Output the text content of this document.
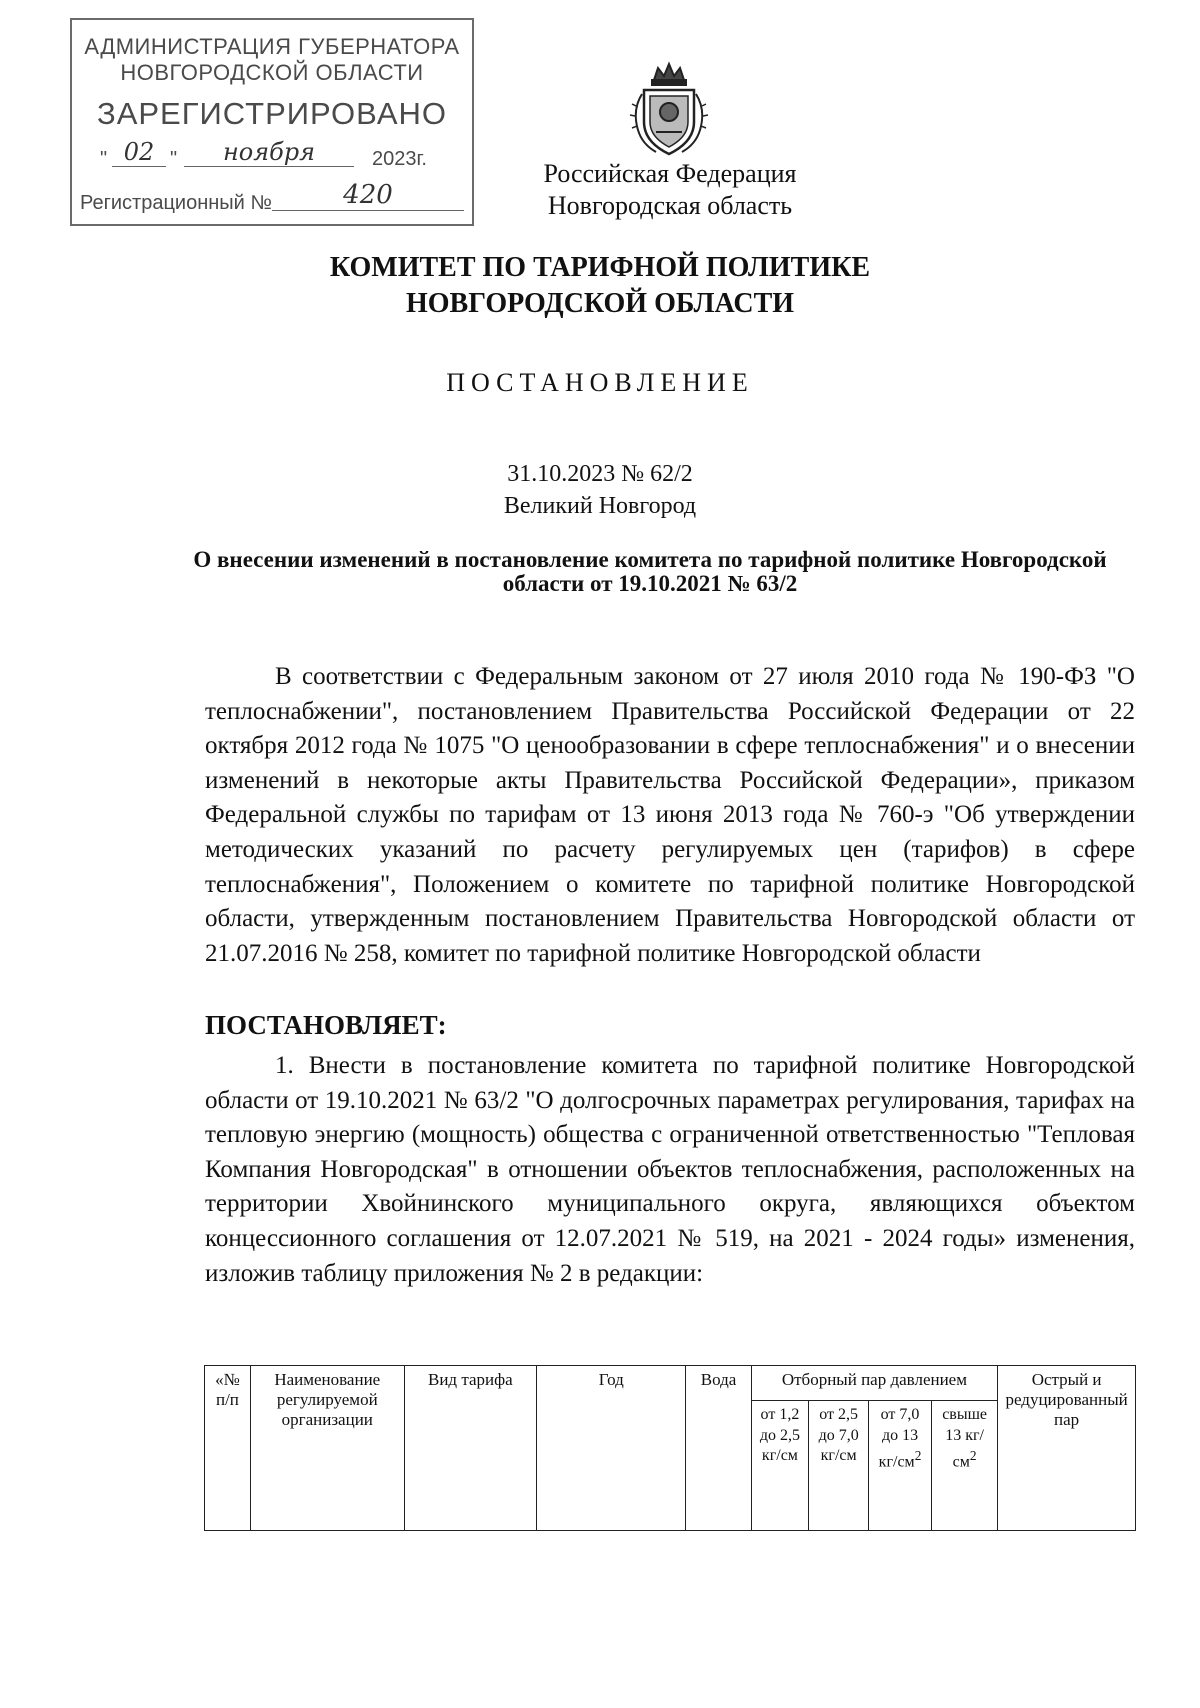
АДМИНИСТРАЦИЯ ГУБЕРНАТОРА
НОВГОРОДСКОЙ ОБЛАСТИ
ЗАРЕГИСТРИРОВАНО
" 02 "	ноября	2023г.
Регистрационный №	420
Российская Федерация
Новгородская область
КОМИТЕТ ПО ТАРИФНОЙ ПОЛИТИКЕ НОВГОРОДСКОЙ ОБЛАСТИ
ПОСТАНОВЛЕНИЕ
31.10.2023 № 62/2
Великий Новгород
О внесении изменений в постановление комитета по тарифной политике Новгородской области от 19.10.2021 № 63/2
В соответствии с Федеральным законом от 27 июля 2010 года № 190-ФЗ "О теплоснабжении", постановлением Правительства Российской Федерации от 22 октября 2012 года № 1075 "О ценообразовании в сфере теплоснабжения" и о внесении изменений в некоторые акты Правительства Российской Федерации», приказом Федеральной службы по тарифам от 13 июня 2013 года № 760-э "Об утверждении методических указаний по расчету регулируемых цен (тарифов) в сфере теплоснабжения", Положением о комитете по тарифной политике Новгородской области, утвержденным постановлением Правительства Новгородской области от 21.07.2016 № 258, комитет по тарифной политике Новгородской области
ПОСТАНОВЛЯЕТ:
1. Внести в постановление комитета по тарифной политике Новгородской области от 19.10.2021 № 63/2 "О долгосрочных параметрах регулирования, тарифах на тепловую энергию (мощность) общества с ограниченной ответственностью "Тепловая Компания Новгородская" в отношении объектов теплоснабжения, расположенных на территории Хвойнинского муниципального округа, являющихся объектом концессионного соглашения от 12.07.2021 № 519, на 2021 - 2024 годы» изменения, изложив таблицу приложения № 2 в редакции:
«№ п/п	Наименование регулируемой организации	Вид тарифа	Год	Вода	Отборный пар давлением				Острый и редуцированный пар
					от 1,2 до 2,5 кг/см	от 2,5 до 7,0 кг/см	от 7,0 до 13 $кг/см^2$	свыше 13 $кг/см^2$
